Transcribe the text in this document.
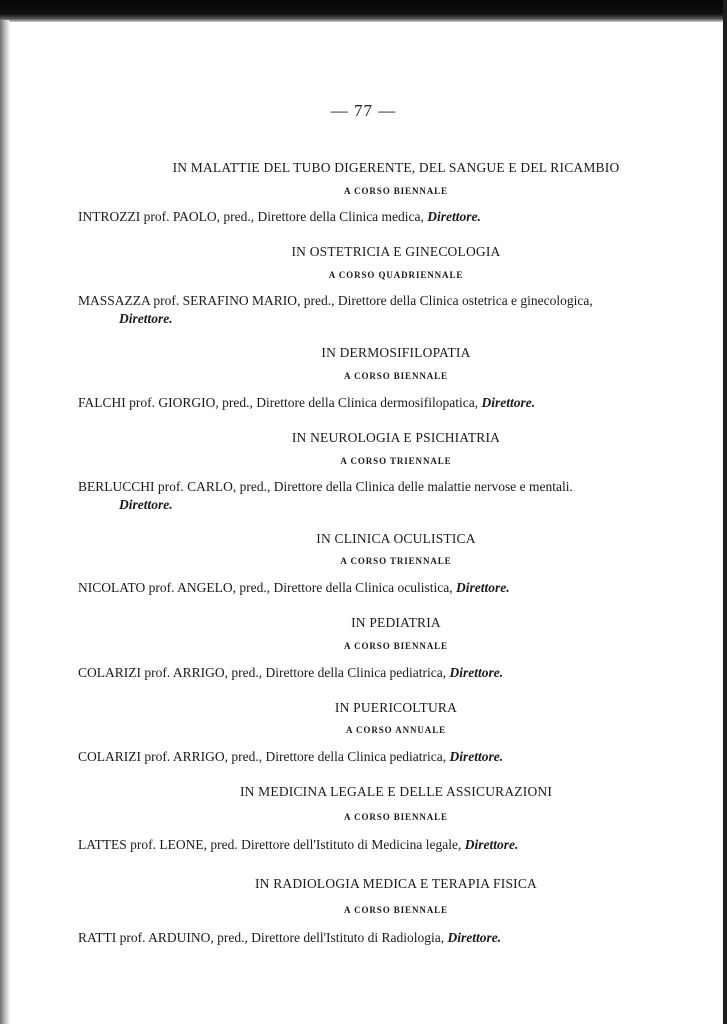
— 77 —
IN MALATTIE DEL TUBO DIGERENTE, DEL SANGUE E DEL RICAMBIO
A CORSO BIENNALE
INTROZZI prof. PAOLO, pred., Direttore della Clinica medica, Direttore.
IN OSTETRICIA E GINECOLOGIA
A CORSO QUADRIENNALE
MASSAZZA prof. SERAFINO MARIO, pred., Direttore della Clinica ostetrica e ginecologica,
Direttore.
IN DERMOSIFILOPATIA
A CORSO BIENNALE
FALCHI prof. GIORGIO, pred., Direttore della Clinica dermosifilopatica, Direttore.
IN NEUROLOGIA E PSICHIATRIA
A CORSO TRIENNALE
BERLUCCHI prof. CARLO, pred., Direttore della Clinica delle malattie nervose e mentali.
Direttore.
IN CLINICA OCULISTICA
A CORSO TRIENNALE
NICOLATO prof. ANGELO, pred., Direttore della Clinica oculistica, Direttore.
IN PEDIATRIA
A CORSO BIENNALE
COLARIZI prof. ARRIGO, pred., Direttore della Clinica pediatrica, Direttore.
IN PUERICOLTURA
A CORSO ANNUALE
COLARIZI prof. ARRIGO, pred., Direttore della Clinica pediatrica, Direttore.
IN MEDICINA LEGALE E DELLE ASSICURAZIONI
A CORSO BIENNALE
LATTES prof. LEONE, pred. Direttore dell'Istituto di Medicina legale, Direttore.
IN RADIOLOGIA MEDICA E TERAPIA FISICA
A CORSO BIENNALE
RATTI prof. ARDUINO, pred., Direttore dell'Istituto di Radiologia, Direttore.
